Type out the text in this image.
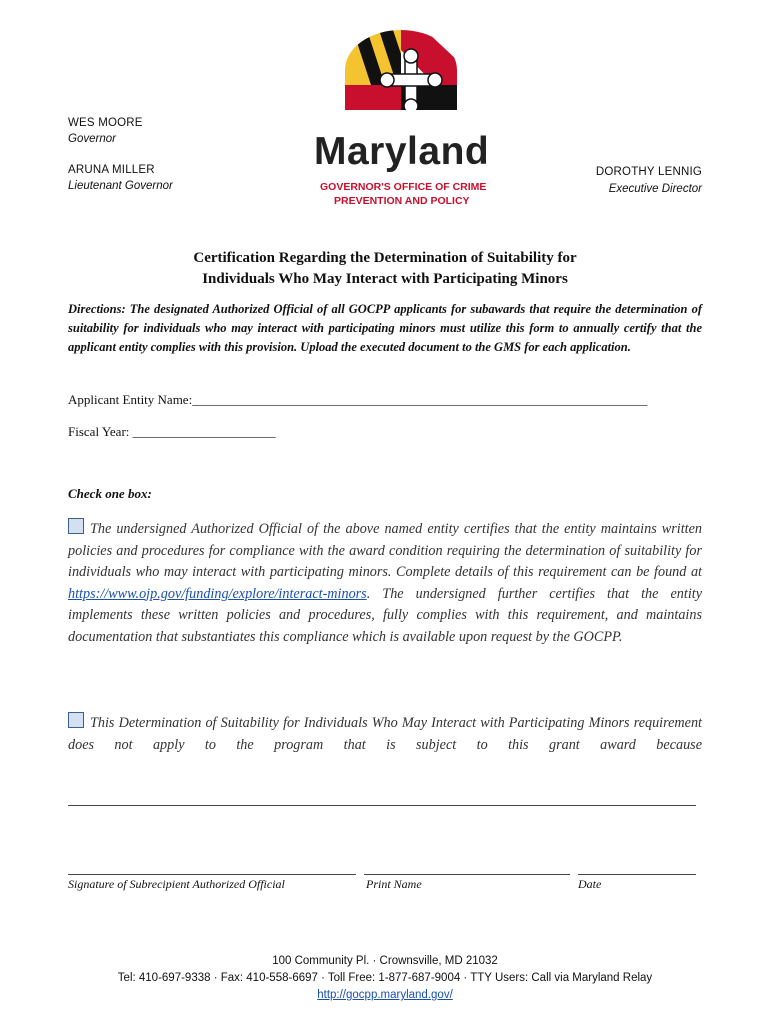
WES MOORE
Governor
ARUNA MILLER
Lieutenant Governor
DOROTHY LENNIG
Executive Director
Maryland
GOVERNOR'S OFFICE OF CRIME
PREVENTION AND POLICY
Certification Regarding the Determination of Suitability for
Individuals Who May Interact with Participating Minors
Directions: The designated Authorized Official of all GOCPP applicants for subawards that require the determination of suitability for individuals who may interact with participating minors must utilize this form to annually certify that the applicant entity complies with this provision. Upload the executed document to the GMS for each application.
Applicant Entity Name:______________________________________________________________________
Fiscal Year: ______________________
Check one box:
The undersigned Authorized Official of the above named entity certifies that the entity maintains written policies and procedures for compliance with the award condition requiring the determination of suitability for individuals who may interact with participating minors. Complete details of this requirement can be found at https://www.ojp.gov/funding/explore/interact-minors. The undersigned further certifies that the entity implements these written policies and procedures, fully complies with this requirement, and maintains documentation that substantiates this compliance which is available upon request by the GOCPP.
This Determination of Suitability for Individuals Who May Interact with Participating Minors requirement does not apply to the program that is subject to this grant award because
Signature of Subrecipient Authorized Official	Print Name	Date
100 Community Pl. · Crownsville, MD 21032
Tel: 410-697-9338 · Fax: 410-558-6697 · Toll Free: 1-877-687-9004 · TTY Users: Call via Maryland Relay
http://gocpp.maryland.gov/
